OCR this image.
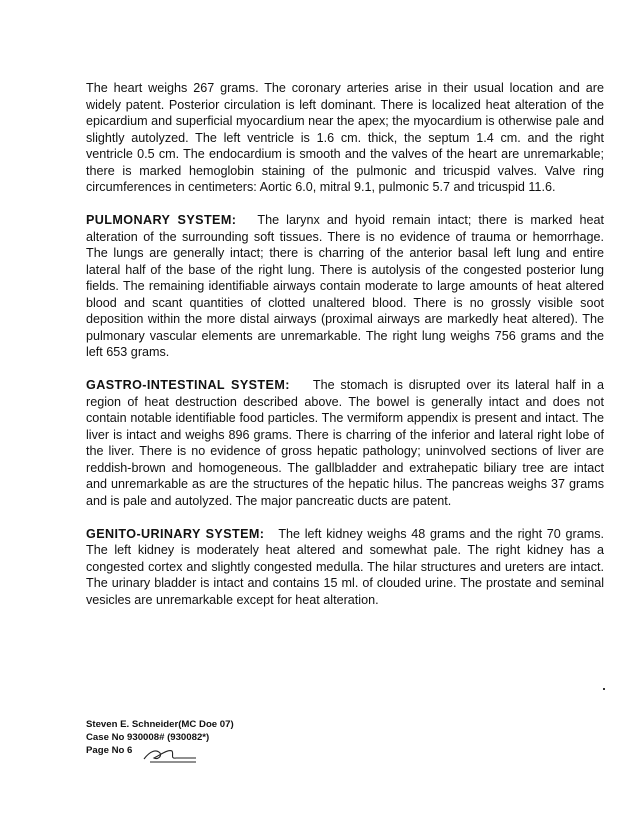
The heart weighs 267 grams. The coronary arteries arise in their usual location and are widely patent. Posterior circulation is left dominant. There is localized heat alteration of the epicardium and superficial myocardium near the apex; the myocardium is otherwise pale and slightly autolyzed. The left ventricle is 1.6 cm. thick, the septum 1.4 cm. and the right ventricle 0.5 cm. The endocardium is smooth and the valves of the heart are unremarkable; there is marked hemoglobin staining of the pulmonic and tricuspid valves. Valve ring circumferences in centimeters: Aortic 6.0, mitral 9.1, pulmonic 5.7 and tricuspid 11.6.

PULMONARY SYSTEM: The larynx and hyoid remain intact; there is marked heat alteration of the surrounding soft tissues. There is no evidence of trauma or hemorrhage. The lungs are generally intact; there is charring of the anterior basal left lung and entire lateral half of the base of the right lung. There is autolysis of the congested posterior lung fields. The remaining identifiable airways contain moderate to large amounts of heat altered blood and scant quantities of clotted unaltered blood. There is no grossly visible soot deposition within the more distal airways (proximal airways are markedly heat altered). The pulmonary vascular elements are unremarkable. The right lung weighs 756 grams and the left 653 grams.

GASTRO-INTESTINAL SYSTEM: The stomach is disrupted over its lateral half in a region of heat destruction described above. The bowel is generally intact and does not contain notable identifiable food particles. The vermiform appendix is present and intact. The liver is intact and weighs 896 grams. There is charring of the inferior and lateral right lobe of the liver. There is no evidence of gross hepatic pathology; uninvolved sections of liver are reddish-brown and homogeneous. The gallbladder and extrahepatic biliary tree are intact and unremarkable as are the structures of the hepatic hilus. The pancreas weighs 37 grams and is pale and autolyzed. The major pancreatic ducts are patent.

GENITO-URINARY SYSTEM: The left kidney weighs 48 grams and the right 70 grams. The left kidney is moderately heat altered and somewhat pale. The right kidney has a congested cortex and slightly congested medulla. The hilar structures and ureters are intact. The urinary bladder is intact and contains 15 ml. of clouded urine. The prostate and seminal vesicles are unremarkable except for heat alteration.

Steven E. Schneider(MC Doe 07)
Case No 930008# (930082*)
Page No 6
